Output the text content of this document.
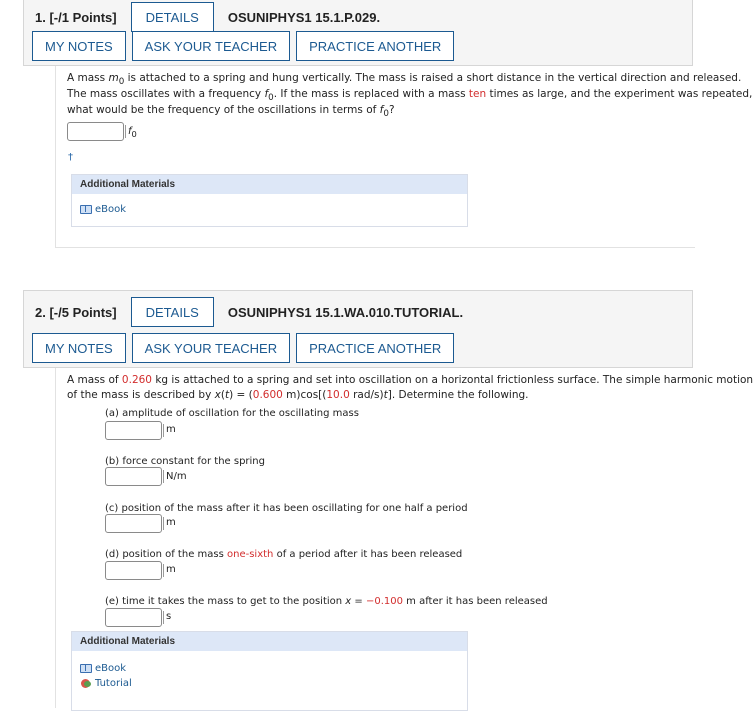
1. [-/1 Points]	DETAILS	OSUNIPHYS1 15.1.P.029.
MY NOTES	ASK YOUR TEACHER	PRACTICE ANOTHER
A mass $m_0$ is attached to a spring and hung vertically. The mass is raised a short distance in the vertical direction and released.
The mass oscillates with a frequency $f_0$. If the mass is replaced with a mass ten times as large, and the experiment was repeated,
what would be the frequency of the oscillations in terms of $f_0$?
$f_0$
†
Additional Materials
eBook
2. [-/5 Points]	DETAILS	OSUNIPHYS1 15.1.WA.010.TUTORIAL.
MY NOTES	ASK YOUR TEACHER	PRACTICE ANOTHER
A mass of 0.260 kg is attached to a spring and set into oscillation on a horizontal frictionless surface. The simple harmonic motion
of the mass is described by x(t) = (0.600 m)cos[(10.0 rad/s)t]. Determine the following.
(a) amplitude of oscillation for the oscillating mass
m
(b) force constant for the spring
N/m
(c) position of the mass after it has been oscillating for one half a period
m
(d) position of the mass one-sixth of a period after it has been released
m
(e) time it takes the mass to get to the position x = −0.100 m after it has been released
s
Additional Materials
eBook
Tutorial
